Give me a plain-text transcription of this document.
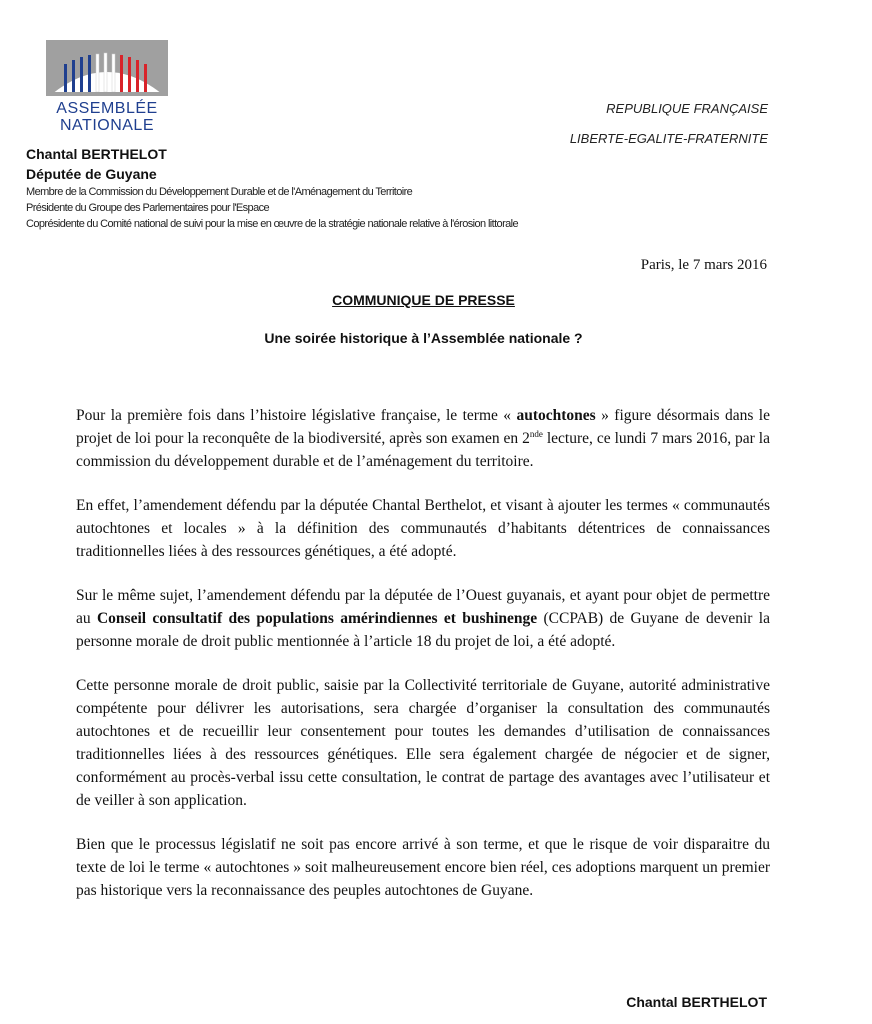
ASSEMBLÉE
NATIONALE
REPUBLIQUE FRANÇAISE
LIBERTE-EGALITE-FRATERNITE
Chantal BERTHELOT
Députée de Guyane
Membre de la Commission du Développement Durable et de l'Aménagement du Territoire
Présidente du Groupe des Parlementaires pour l'Espace
Coprésidente du Comité national de suivi pour la mise en œuvre de la stratégie nationale relative à l'érosion littorale
Paris, le 7 mars 2016
COMMUNIQUE DE PRESSE
Une soirée historique à l’Assemblée nationale ?

Pour la première fois dans l’histoire législative française, le terme « autochtones » figure désormais dans le projet de loi pour la reconquête de la biodiversité, après son examen en 2nde lecture, ce lundi 7 mars 2016, par la commission du développement durable et de l’aménagement du territoire.

En effet, l’amendement défendu par la députée Chantal Berthelot, et visant à ajouter les termes « communautés autochtones et locales » à la définition des communautés d’habitants détentrices de connaissances traditionnelles liées à des ressources génétiques, a été adopté.

Sur le même sujet, l’amendement défendu par la députée de l’Ouest guyanais, et ayant pour objet de permettre au Conseil consultatif des populations amérindiennes et bushinenge (CCPAB) de Guyane de devenir la personne morale de droit public mentionnée à l’article 18 du projet de loi, a été adopté.

Cette personne morale de droit public, saisie par la Collectivité territoriale de Guyane, autorité administrative compétente pour délivrer les autorisations, sera chargée d’organiser la consultation des communautés autochtones et de recueillir leur consentement pour toutes les demandes d’utilisation de connaissances traditionnelles liées à des ressources génétiques. Elle sera également chargée de négocier et de signer, conformément au procès-verbal issu cette consultation, le contrat de partage des avantages avec l’utilisateur et de veiller à son application.

Bien que le processus législatif ne soit pas encore arrivé à son terme, et que le risque de voir disparaitre du texte de loi le terme « autochtones » soit malheureusement encore bien réel, ces adoptions marquent un premier pas historique vers la reconnaissance des peuples autochtones de Guyane.

Chantal BERTHELOT
